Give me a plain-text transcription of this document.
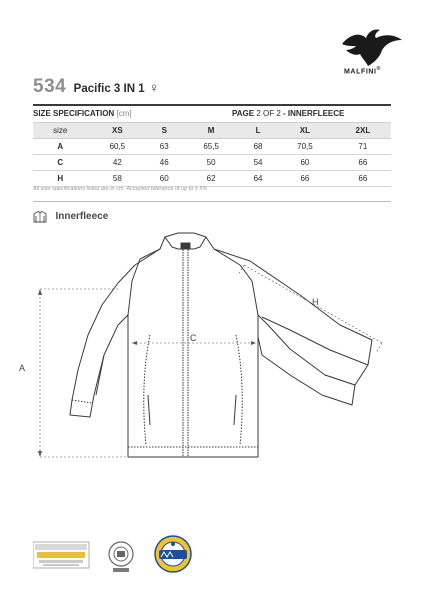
MALFINI®
534 Pacific 3 IN 1 ♀
SIZE SPECIFICATION [cm]	PAGE 2 OF 2 - INNERFLEECE
size	XS	S	M	L	XL	2XL
A	60,5	63	65,5	68	70,5	71
C	42	46	50	54	60	66
H	58	60	62	64	66	66
All size specifications listed are in cm. Accepted tolerance of up to ± 5%
Innerfleece
A
C
H
